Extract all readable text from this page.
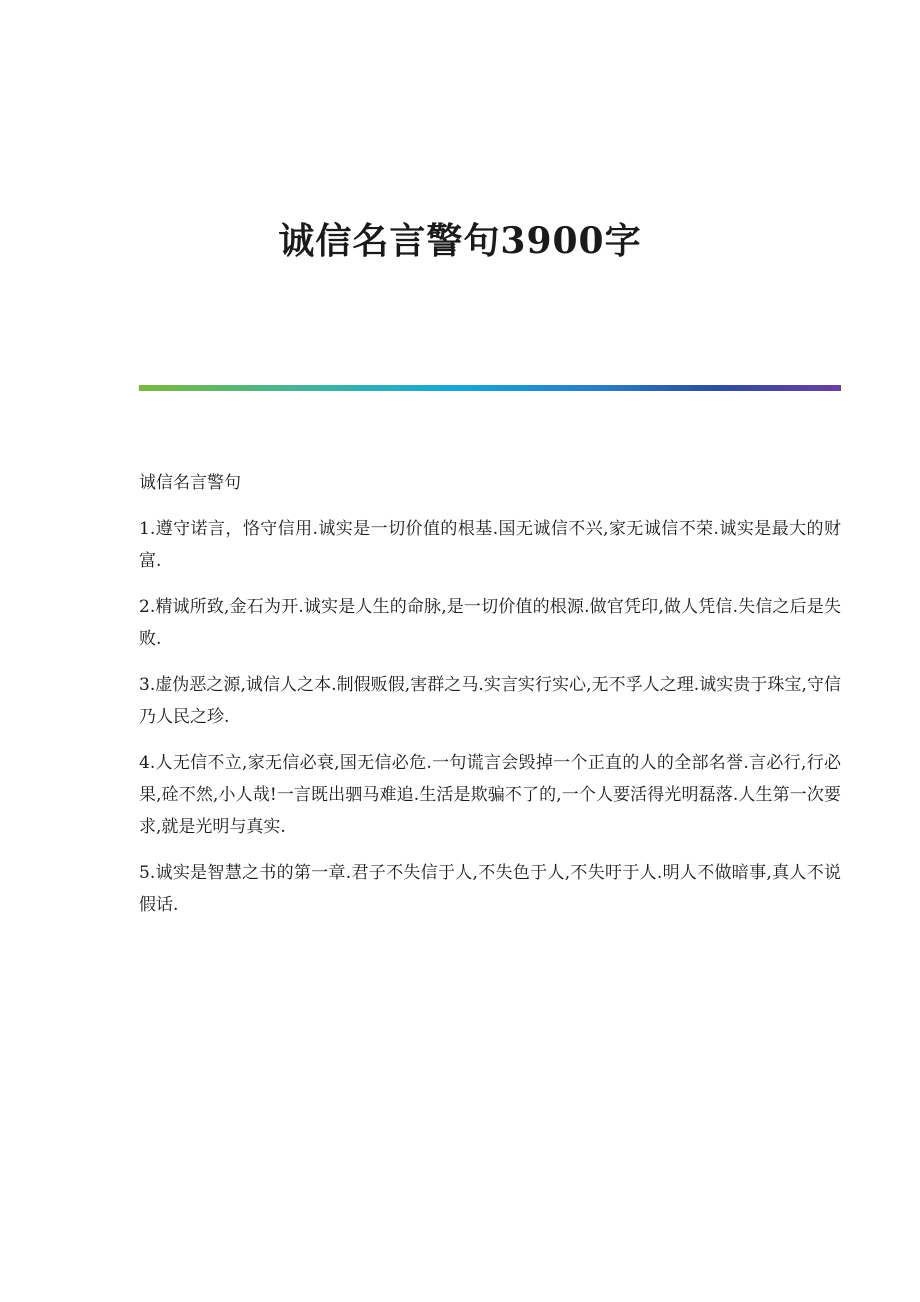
诚信名言警句3900字

诚信名言警句

1.遵守诺言，恪守信用.诚实是一切价值的根基.国无诚信不兴,家无诚信不荣.诚实是最大的财富.

2.精诚所致,金石为开.诚实是人生的命脉,是一切价值的根源.做官凭印,做人凭信.失信之后是失败.

3.虚伪恶之源,诚信人之本.制假贩假,害群之马.实言实行实心,无不孚人之理.诚实贵于珠宝,守信乃人民之珍.

4.人无信不立,家无信必衰,国无信必危.一句谎言会毁掉一个正直的人的全部名誉.言必行,行必果,硂不然,小人哉!一言既出驷马难追.生活是欺骗不了的,一个人要活得光明磊落.人生第一次要求,就是光明与真实.

5.诚实是智慧之书的第一章.君子不失信于人,不失色于人,不失吁于人.明人不做暗事,真人不说假话.
